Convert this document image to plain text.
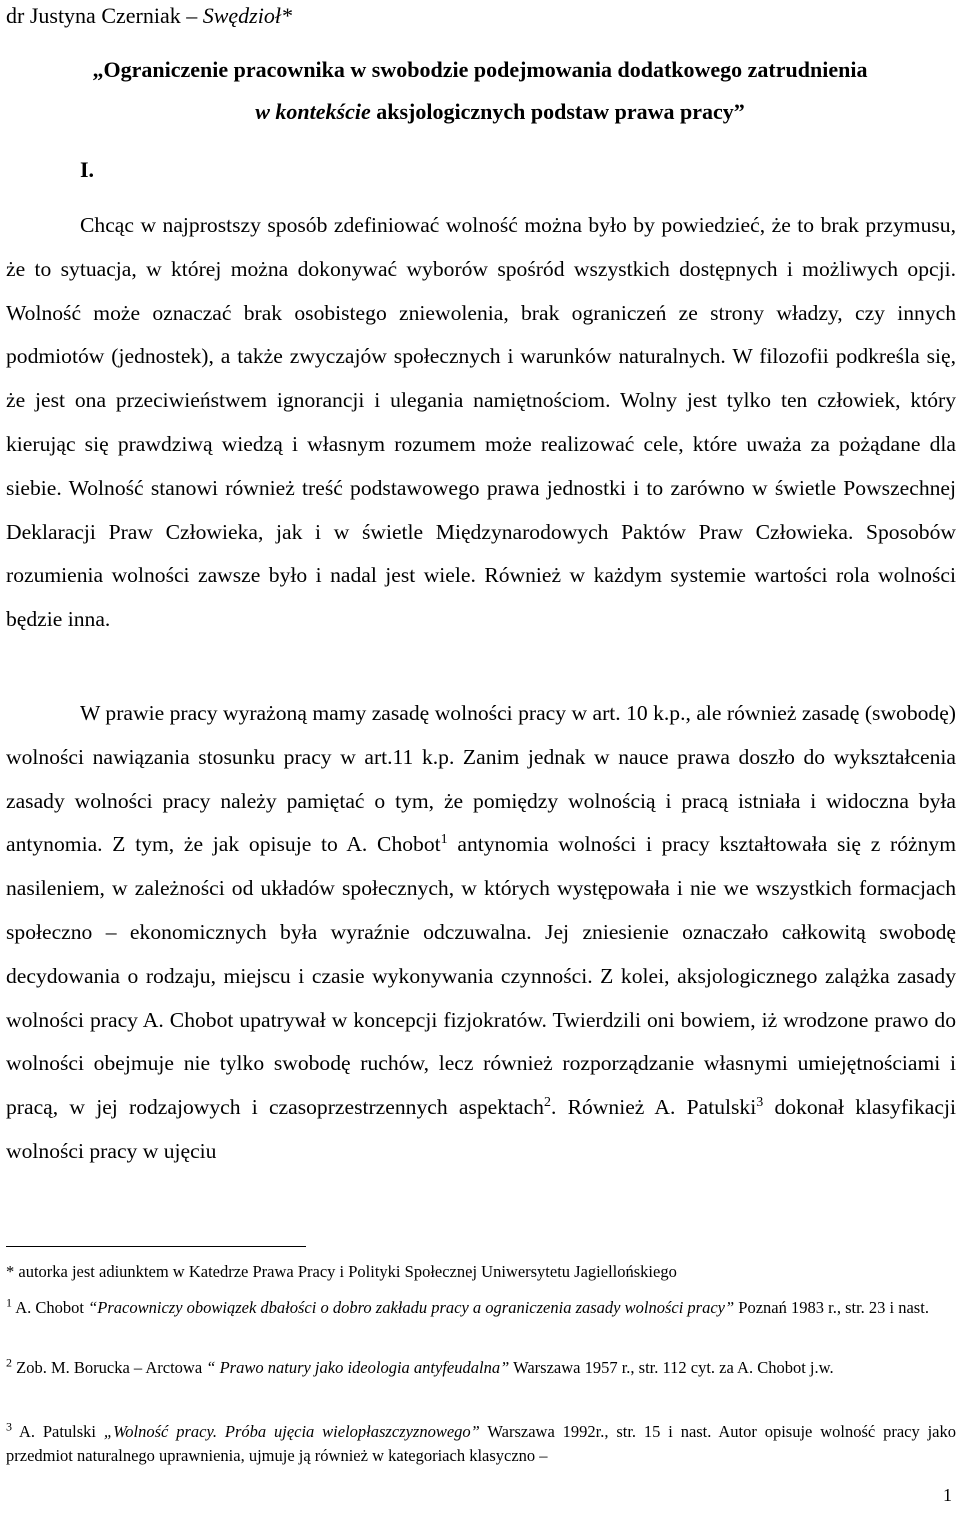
dr Justyna Czerniak – Swędzioł*
„Ograniczenie pracownika w swobodzie podejmowania dodatkowego zatrudnienia
w kontekście aksjologicznych podstaw prawa pracy”
I.
Chcąc w najprostszy sposób zdefiniować wolność można było by powiedzieć, że to brak przymusu, że to sytuacja, w której można dokonywać wyborów spośród wszystkich dostępnych i możliwych opcji. Wolność może oznaczać brak osobistego zniewolenia, brak ograniczeń ze strony władzy, czy innych podmiotów (jednostek), a także zwyczajów społecznych i warunków naturalnych. W filozofii podkreśla się, że jest ona przeciwieństwem ignorancji i ulegania namiętnościom. Wolny jest tylko ten człowiek, który kierując się prawdziwą wiedzą i własnym rozumem może realizować cele, które uważa za pożądane dla siebie. Wolność stanowi również treść podstawowego prawa jednostki i to zarówno w świetle Powszechnej Deklaracji Praw Człowieka, jak i w świetle Międzynarodowych Paktów Praw Człowieka. Sposobów rozumienia wolności zawsze było i nadal jest wiele. Również w każdym systemie wartości rola wolności będzie inna.
W prawie pracy wyrażoną mamy zasadę wolności pracy w art. 10 k.p., ale również zasadę (swobodę) wolności nawiązania stosunku pracy w art.11 k.p. Zanim jednak w nauce prawa doszło do wykształcenia zasady wolności pracy należy pamiętać o tym, że pomiędzy wolnością i pracą istniała i widoczna była antynomia. Z tym, że jak opisuje to A. Chobot$^1$ antynomia wolności i pracy kształtowała się z różnym nasileniem, w zależności od układów społecznych, w których występowała i nie we wszystkich formacjach społeczno – ekonomicznych była wyraźnie odczuwalna. Jej zniesienie oznaczało całkowitą swobodę decydowania o rodzaju, miejscu i czasie wykonywania czynności. Z kolei, aksjologicznego zalążka zasady wolności pracy A. Chobot upatrywał w koncepcji fizjokratów. Twierdzili oni bowiem, iż wrodzone prawo do wolności obejmuje nie tylko swobodę ruchów, lecz również rozporządzanie własnymi umiejętnościami i pracą, w jej rodzajowych i czasoprzestrzennych aspektach$^2$. Również A. Patulski$^3$ dokonał klasyfikacji wolności pracy w ujęciu
* autorka jest adiunktem w Katedrze Prawa Pracy i Polityki Społecznej Uniwersytetu Jagiellońskiego
$^1$ A. Chobot “Pracowniczy obowiązek dbałości o dobro zakładu pracy a ograniczenia zasady wolności pracy” Poznań 1983 r., str. 23 i nast.
$^2$ Zob. M. Borucka – Arctowa “ Prawo natury jako ideologia antyfeudalna” Warszawa 1957 r., str. 112 cyt. za A. Chobot j.w.
$^3$ A. Patulski „Wolność pracy. Próba ujęcia wielopłaszczyznowego” Warszawa 1992r., str. 15 i nast. Autor opisuje wolność pracy jako przedmiot naturalnego uprawnienia, ujmuje ją również w kategoriach klasyczno –
1
